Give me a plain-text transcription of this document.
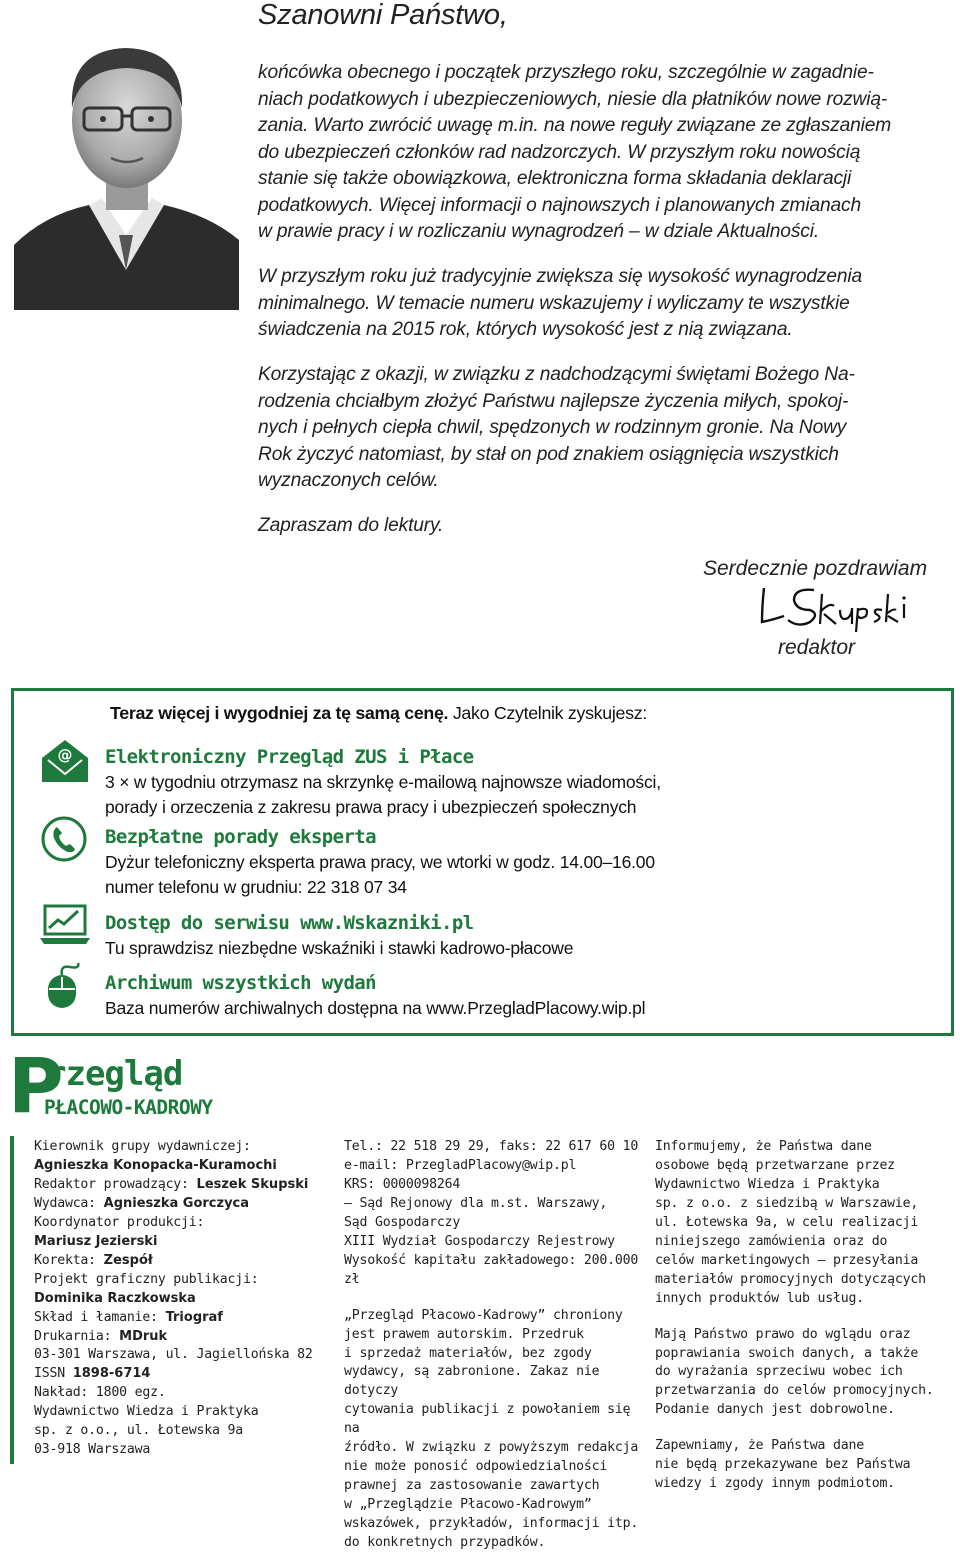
Szanowni Państwo,
końcówka obecnego i początek przyszłego roku, szczególnie w zagadnie-
niach podatkowych i ubezpieczeniowych, niesie dla płatników nowe rozwią-
zania. Warto zwrócić uwagę m.in. na nowe reguły związane ze zgłaszaniem
do ubezpieczeń członków rad nadzorczych. W przyszłym roku nowością
stanie się także obowiązkowa, elektroniczna forma składania deklaracji
podatkowych. Więcej informacji o najnowszych i planowanych zmianach
w prawie pracy i w rozliczaniu wynagrodzeń – w dziale Aktualności.
W przyszłym roku już tradycyjnie zwiększa się wysokość wynagrodzenia
minimalnego. W temacie numeru wskazujemy i wyliczamy te wszystkie
świadczenia na 2015 rok, których wysokość jest z nią związana.
Korzystając z okazji, w związku z nadchodzącymi świętami Bożego Na-
rodzenia chciałbym złożyć Państwu najlepsze życzenia miłych, spokoj-
nych i pełnych ciepła chwil, spędzonych w rodzinnym gronie. Na Nowy
Rok życzyć natomiast, by stał on pod znakiem osiągnięcia wszystkich
wyznaczonych celów.
Zapraszam do lektury.
Serdecznie pozdrawiam
redaktor
Teraz więcej i wygodniej za tę samą cenę. Jako Czytelnik zyskujesz:
@ Elektroniczny Przegląd ZUS i Płace
3 × w tygodniu otrzymasz na skrzynkę e-mailową najnowsze wiadomości,
porady i orzeczenia z zakresu prawa pracy i ubezpieczeń społecznych
Bezpłatne porady eksperta
Dyżur telefoniczny eksperta prawa pracy, we wtorki w godz. 14.00–16.00
numer telefonu w grudniu: 22 318 07 34
Dostęp do serwisu www.Wskazniki.pl
Tu sprawdzisz niezbędne wskaźniki i stawki kadrowo-płacowe
Archiwum wszystkich wydań
Baza numerów archiwalnych dostępna na www.PrzegladPlacowy.wip.pl
P
rzegląd
PŁACOWO-KADROWY
Kierownik grupy wydawniczej:
Agnieszka Konopacka-Kuramochi
Redaktor prowadzący: Leszek Skupski
Wydawca: Agnieszka Gorczyca
Koordynator produkcji:
Mariusz Jezierski
Korekta: Zespół
Projekt graficzny publikacji:
Dominika Raczkowska
Skład i łamanie: Triograf
Drukarnia: MDruk
03-301 Warszawa, ul. Jagiellońska 82
ISSN 1898-6714
Nakład: 1800 egz.
Wydawnictwo Wiedza i Praktyka
sp. z o.o., ul. Łotewska 9a
03-918 Warszawa
Tel.: 22 518 29 29, faks: 22 617 60 10
e-mail: PrzegladPlacowy@wip.pl
KRS: 0000098264
– Sąd Rejonowy dla m.st. Warszawy,
Sąd Gospodarczy
XIII Wydział Gospodarczy Rejestrowy
Wysokość kapitału zakładowego: 200.000 zł
„Przegląd Płacowo-Kadrowy” chroniony
jest prawem autorskim. Przedruk
i sprzedaż materiałów, bez zgody
wydawcy, są zabronione. Zakaz nie dotyczy
cytowania publikacji z powołaniem się na
źródło. W związku z powyższym redakcja
nie może ponosić odpowiedzialności
prawnej za zastosowanie zawartych
w „Przeglądzie Płacowo-Kadrowym”
wskazówek, przykładów, informacji itp.
do konkretnych przypadków.
Informujemy, że Państwa dane
osobowe będą przetwarzane przez
Wydawnictwo Wiedza i Praktyka
sp. z o.o. z siedzibą w Warszawie,
ul. Łotewska 9a, w celu realizacji
niniejszego zamówienia oraz do
celów marketingowych – przesyłania
materiałów promocyjnych dotyczących
innych produktów lub usług.
Mają Państwo prawo do wglądu oraz
poprawiania swoich danych, a także
do wyrażania sprzeciwu wobec ich
przetwarzania do celów promocyjnych.
Podanie danych jest dobrowolne.
Zapewniamy, że Państwa dane
nie będą przekazywane bez Państwa
wiedzy i zgody innym podmiotom.
